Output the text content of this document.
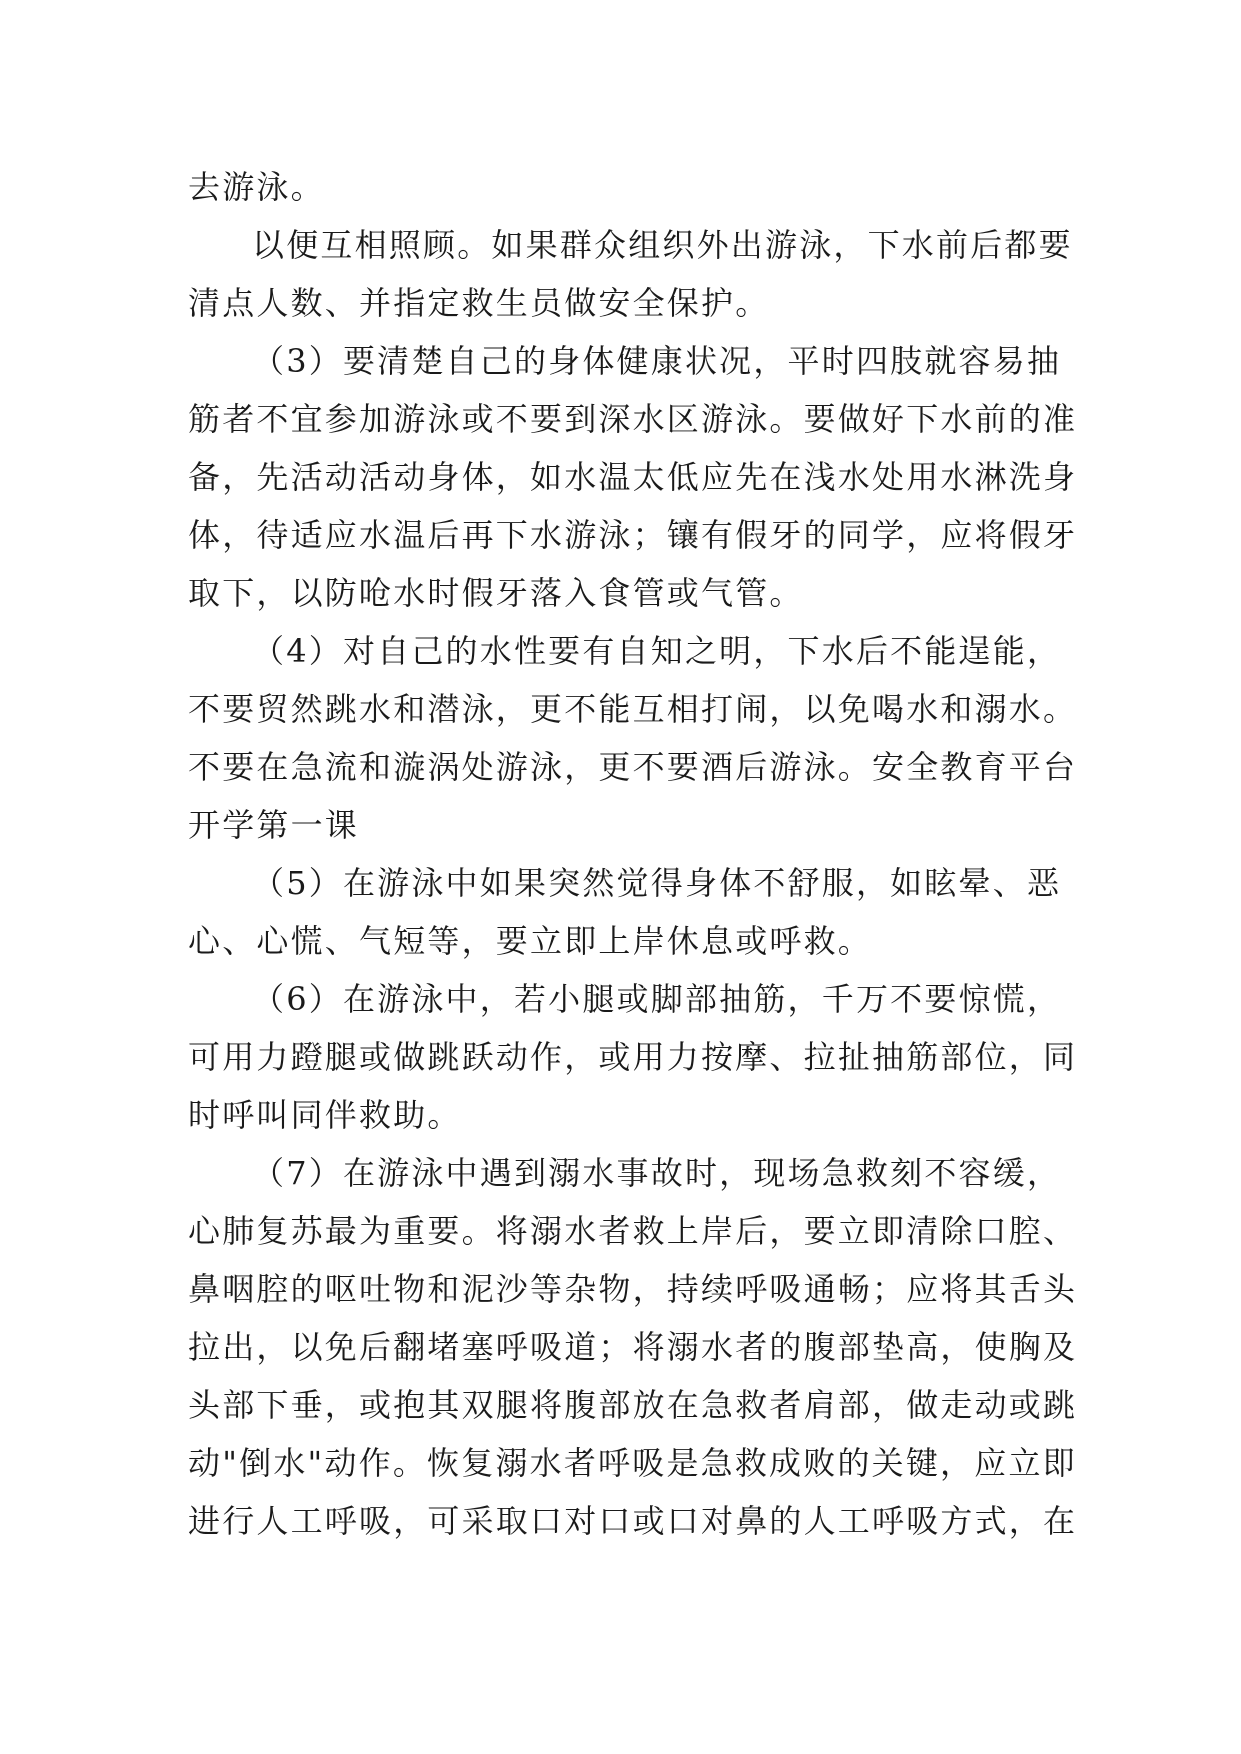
去游泳。
以便互相照顾。如果群众组织外出游泳，下水前后都要
清点人数、并指定救生员做安全保护。
（3）要清楚自己的身体健康状况，平时四肢就容易抽
筋者不宜参加游泳或不要到深水区游泳。要做好下水前的准
备，先活动活动身体，如水温太低应先在浅水处用水淋洗身
体，待适应水温后再下水游泳；镶有假牙的同学，应将假牙
取下，以防呛水时假牙落入食管或气管。
（4）对自己的水性要有自知之明，下水后不能逞能，
不要贸然跳水和潜泳，更不能互相打闹，以免喝水和溺水。
不要在急流和漩涡处游泳，更不要酒后游泳。安全教育平台
开学第一课
（5）在游泳中如果突然觉得身体不舒服，如眩晕、恶
心、心慌、气短等，要立即上岸休息或呼救。
（6）在游泳中，若小腿或脚部抽筋，千万不要惊慌，
可用力蹬腿或做跳跃动作，或用力按摩、拉扯抽筋部位，同
时呼叫同伴救助。
（7）在游泳中遇到溺水事故时，现场急救刻不容缓，
心肺复苏最为重要。将溺水者救上岸后，要立即清除口腔、
鼻咽腔的呕吐物和泥沙等杂物，持续呼吸通畅；应将其舌头
拉出，以免后翻堵塞呼吸道；将溺水者的腹部垫高，使胸及
头部下垂，或抱其双腿将腹部放在急救者肩部，做走动或跳
动"倒水"动作。恢复溺水者呼吸是急救成败的关键，应立即
进行人工呼吸，可采取口对口或口对鼻的人工呼吸方式，在
